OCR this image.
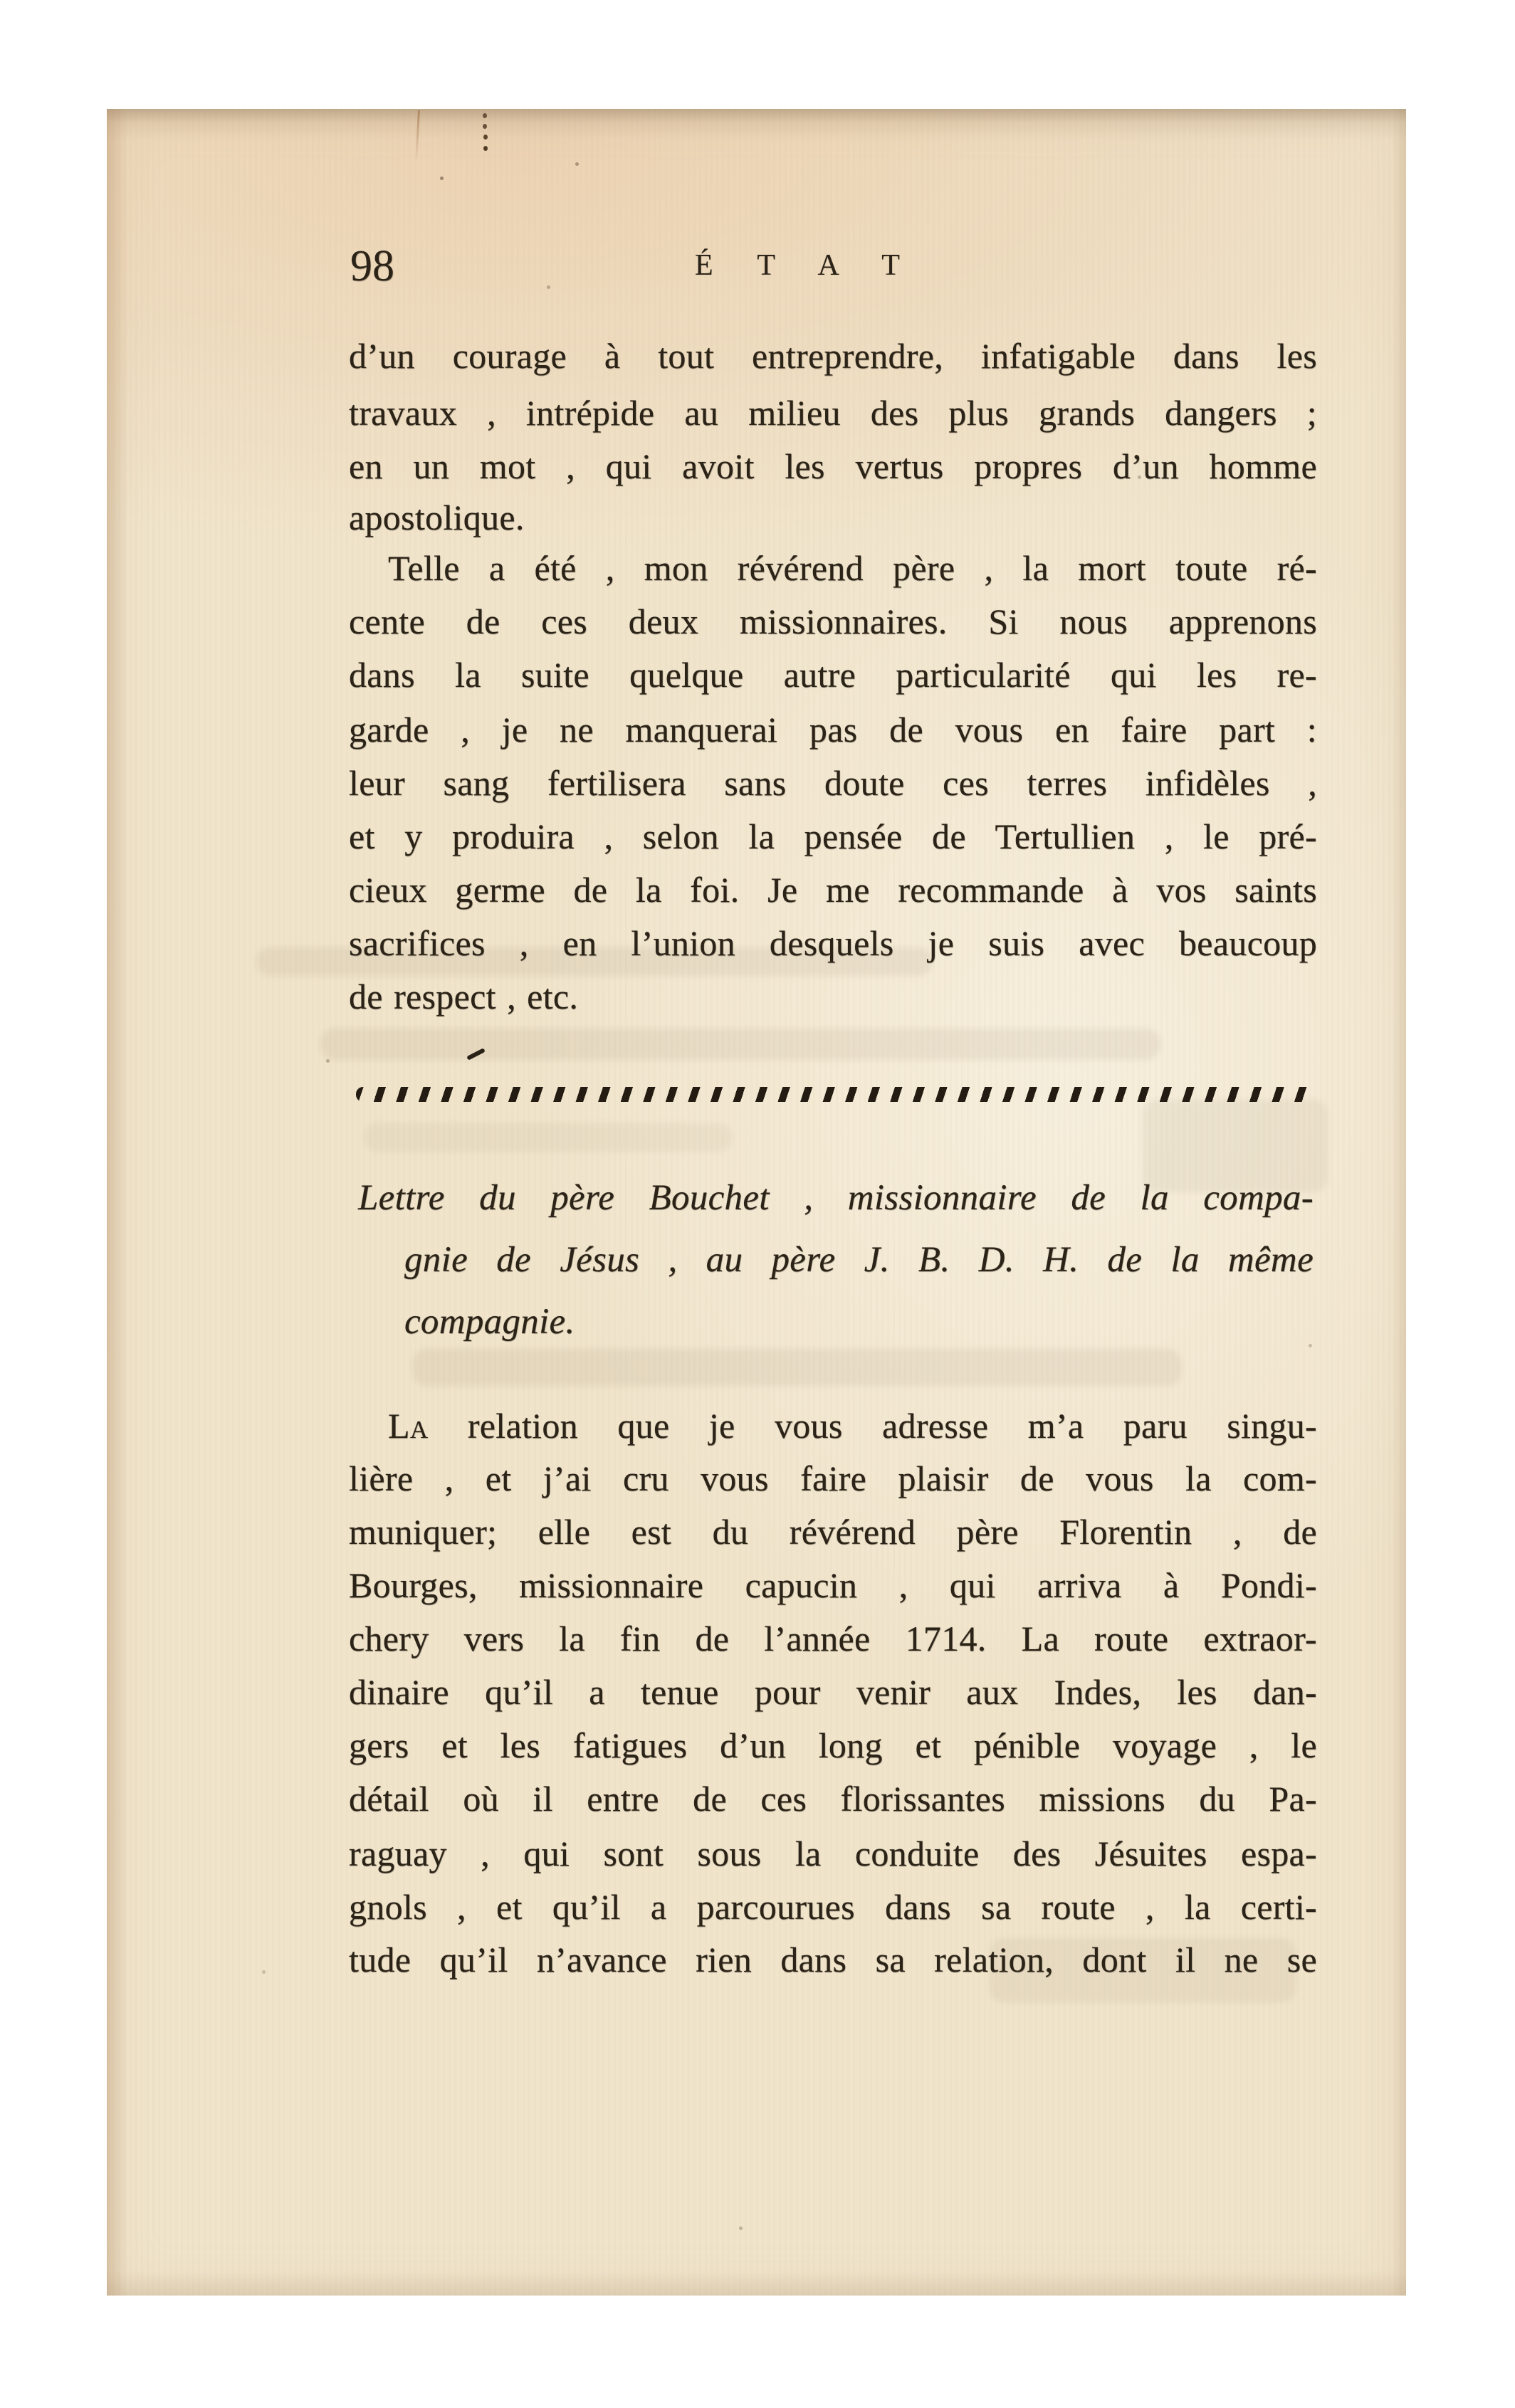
98	É T A T
d’un courage à tout entreprendre, infatigable dans les
travaux , intrépide au milieu des plus grands dangers ;
en un mot , qui avoit les vertus propres d’un homme
apostolique.
Telle a été , mon révérend père , la mort toute ré-
cente de ces deux missionnaires. Si nous apprenons
dans la suite quelque autre particularité qui les re-
garde , je ne manquerai pas de vous en faire part :
leur sang fertilisera sans doute ces terres infidèles ,
et y produira , selon la pensée de Tertullien , le pré-
cieux germe de la foi. Je me recommande à vos saints
sacrifices , en l’union desquels je suis avec beaucoup
de respect , etc.
Lettre du père Bouchet , missionnaire de la compa-
gnie de Jésus , au père J. B. D. H. de la même
compagnie.
La relation que je vous adresse m’a paru singu-
lière , et j’ai cru vous faire plaisir de vous la com-
muniquer; elle est du révérend père Florentin , de
Bourges, missionnaire capucin , qui arriva à Pondi-
chery vers la fin de l’année 1714. La route extraor-
dinaire qu’il a tenue pour venir aux Indes, les dan-
gers et les fatigues d’un long et pénible voyage , le
détail où il entre de ces florissantes missions du Pa-
raguay , qui sont sous la conduite des Jésuites espa-
gnols , et qu’il a parcourues dans sa route , la certi-
tude qu’il n’avance rien dans sa relation, dont il ne se
